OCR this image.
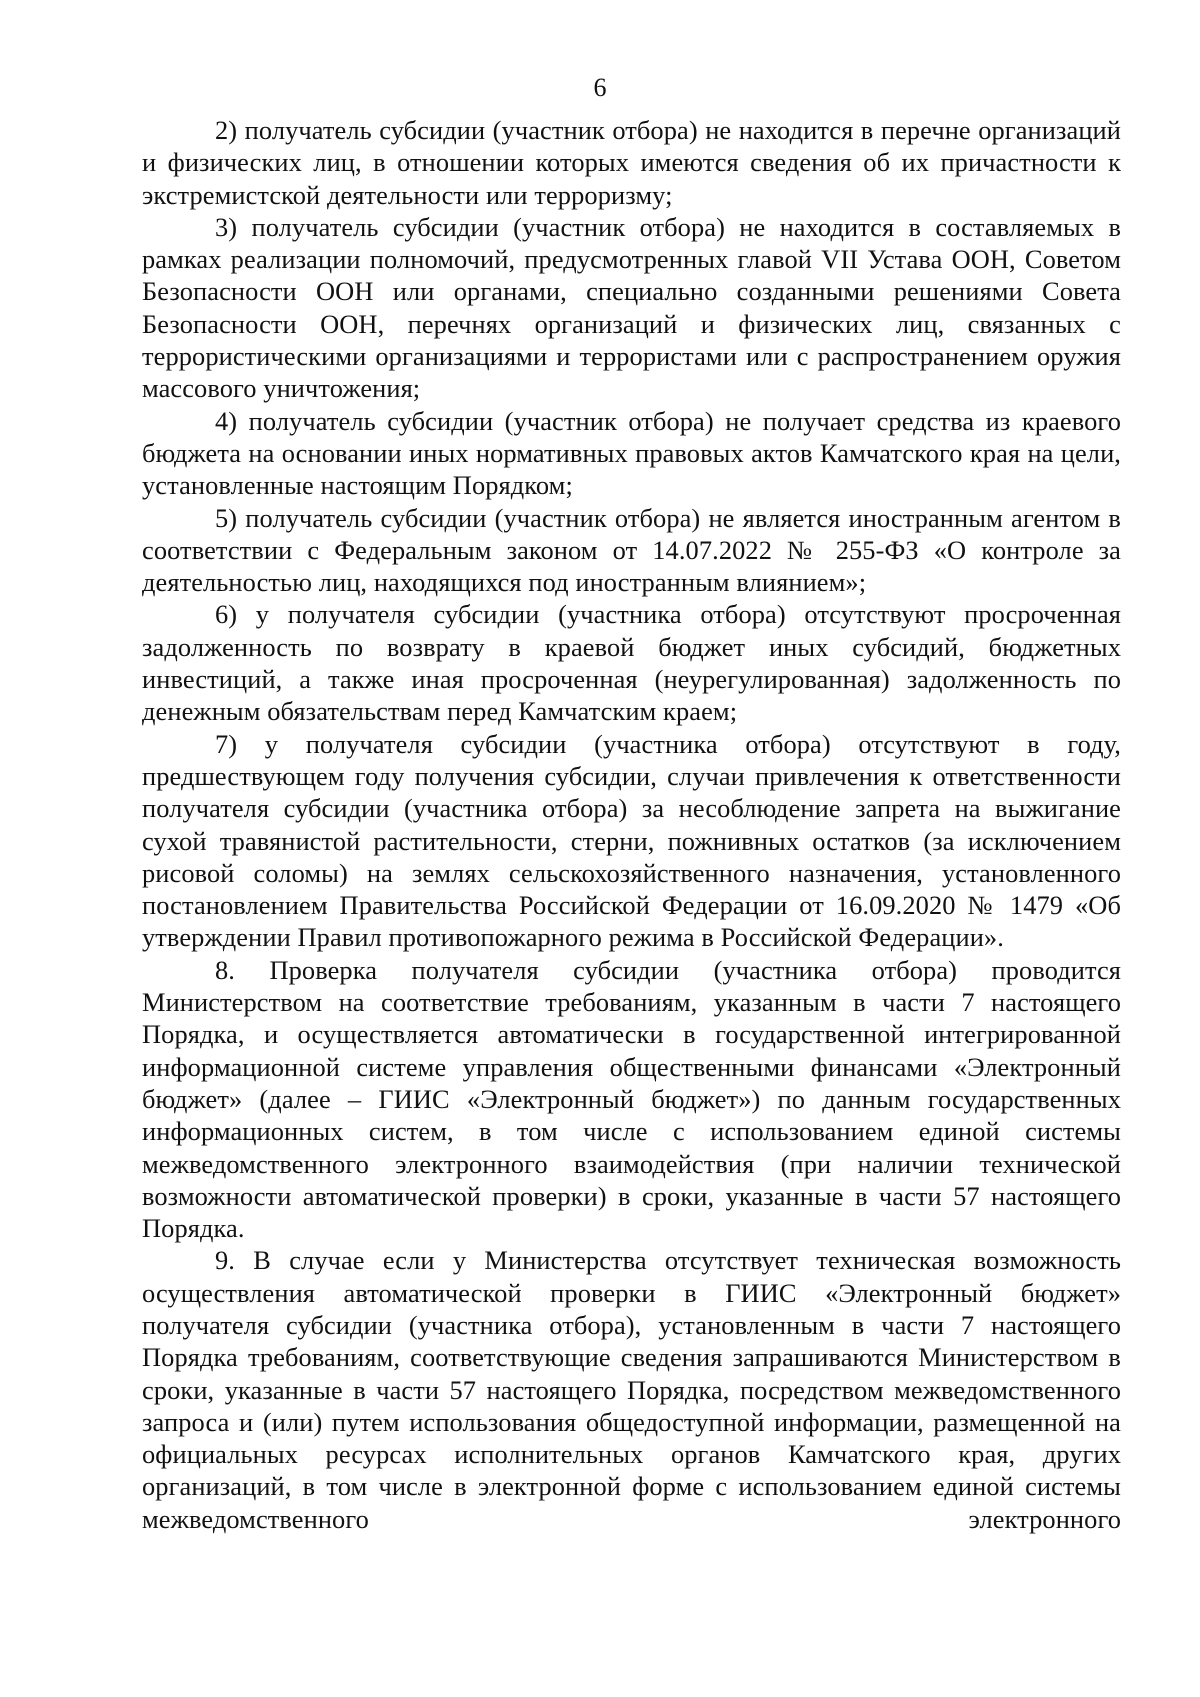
6

2) получатель субсидии (участник отбора) не находится в перечне организаций и физических лиц, в отношении которых имеются сведения об их причастности к экстремистской деятельности или терроризму;

3) получатель субсидии (участник отбора) не находится в составляемых в рамках реализации полномочий, предусмотренных главой VII Устава ООН, Советом Безопасности ООН или органами, специально созданными решениями Совета Безопасности ООН, перечнях организаций и физических лиц, связанных с террористическими организациями и террористами или с распространением оружия массового уничтожения;

4) получатель субсидии (участник отбора) не получает средства из краевого бюджета на основании иных нормативных правовых актов Камчатского края на цели, установленные настоящим Порядком;

5) получатель субсидии (участник отбора) не является иностранным агентом в соответствии с Федеральным законом от 14.07.2022 № 255-ФЗ «О контроле за деятельностью лиц, находящихся под иностранным влиянием»;

6) у получателя субсидии (участника отбора) отсутствуют просроченная задолженность по возврату в краевой бюджет иных субсидий, бюджетных инвестиций, а также иная просроченная (неурегулированная) задолженность по денежным обязательствам перед Камчатским краем;

7) у получателя субсидии (участника отбора) отсутствуют в году, предшествующем году получения субсидии, случаи привлечения к ответственности получателя субсидии (участника отбора) за несоблюдение запрета на выжигание сухой травянистой растительности, стерни, пожнивных остатков (за исключением рисовой соломы) на землях сельскохозяйственного назначения, установленного постановлением Правительства Российской Федерации от 16.09.2020 № 1479 «Об утверждении Правил противопожарного режима в Российской Федерации».

8. Проверка получателя субсидии (участника отбора) проводится Министерством на соответствие требованиям, указанным в части 7 настоящего Порядка, и осуществляется автоматически в государственной интегрированной информационной системе управления общественными финансами «Электронный бюджет» (далее – ГИИС «Электронный бюджет») по данным государственных информационных систем, в том числе с использованием единой системы межведомственного электронного взаимодействия (при наличии технической возможности автоматической проверки) в сроки, указанные в части 57 настоящего Порядка.

9. В случае если у Министерства отсутствует техническая возможность осуществления автоматической проверки в ГИИС «Электронный бюджет» получателя субсидии (участника отбора), установленным в части 7 настоящего Порядка требованиям, соответствующие сведения запрашиваются Министерством в сроки, указанные в части 57 настоящего Порядка, посредством межведомственного запроса и (или) путем использования общедоступной информации, размещенной на официальных ресурсах исполнительных органов Камчатского края, других организаций, в том числе в электронной форме с использованием единой системы межведомственного электронного
